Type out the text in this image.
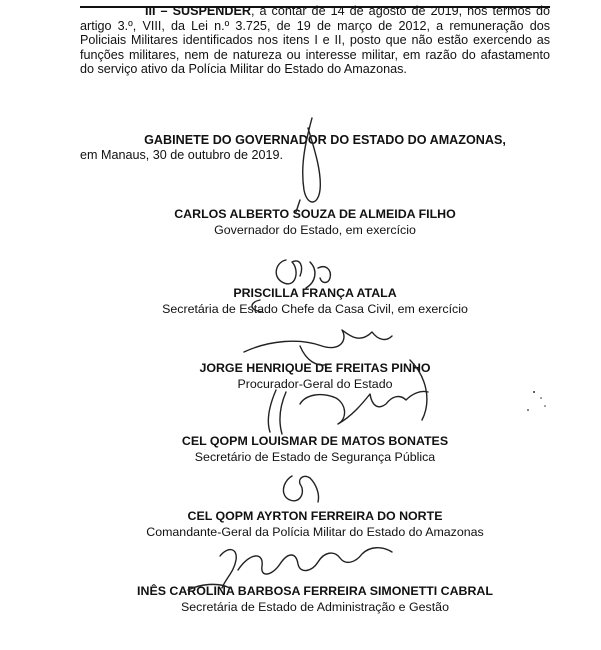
III – SUSPENDER, a contar de 14 de agosto de 2019, nos termos do artigo 3.º, VIII, da Lei n.º 3.725, de 19 de março de 2012, a remuneração dos Policiais Militares identificados nos itens I e II, posto que não estão exercendo as funções militares, nem de natureza ou interesse militar, em razão do afastamento do serviço ativo da Polícia Militar do Estado do Amazonas.

GABINETE DO GOVERNADOR DO ESTADO DO AMAZONAS,
em Manaus, 30 de outubro de 2019.
CARLOS ALBERTO SOUZA DE ALMEIDA FILHO
Governador do Estado, em exercício
PRISCILLA FRANÇA ATALA
Secretária de Estado Chefe da Casa Civil, em exercício
JORGE HENRIQUE DE FREITAS PINHO
Procurador-Geral do Estado
CEL QOPM LOUISMAR DE MATOS BONATES
Secretário de Estado de Segurança Pública
CEL QOPM AYRTON FERREIRA DO NORTE
Comandante-Geral da Polícia Militar do Estado do Amazonas
INÊS CAROLINA BARBOSA FERREIRA SIMONETTI CABRAL
Secretária de Estado de Administração e Gestão
